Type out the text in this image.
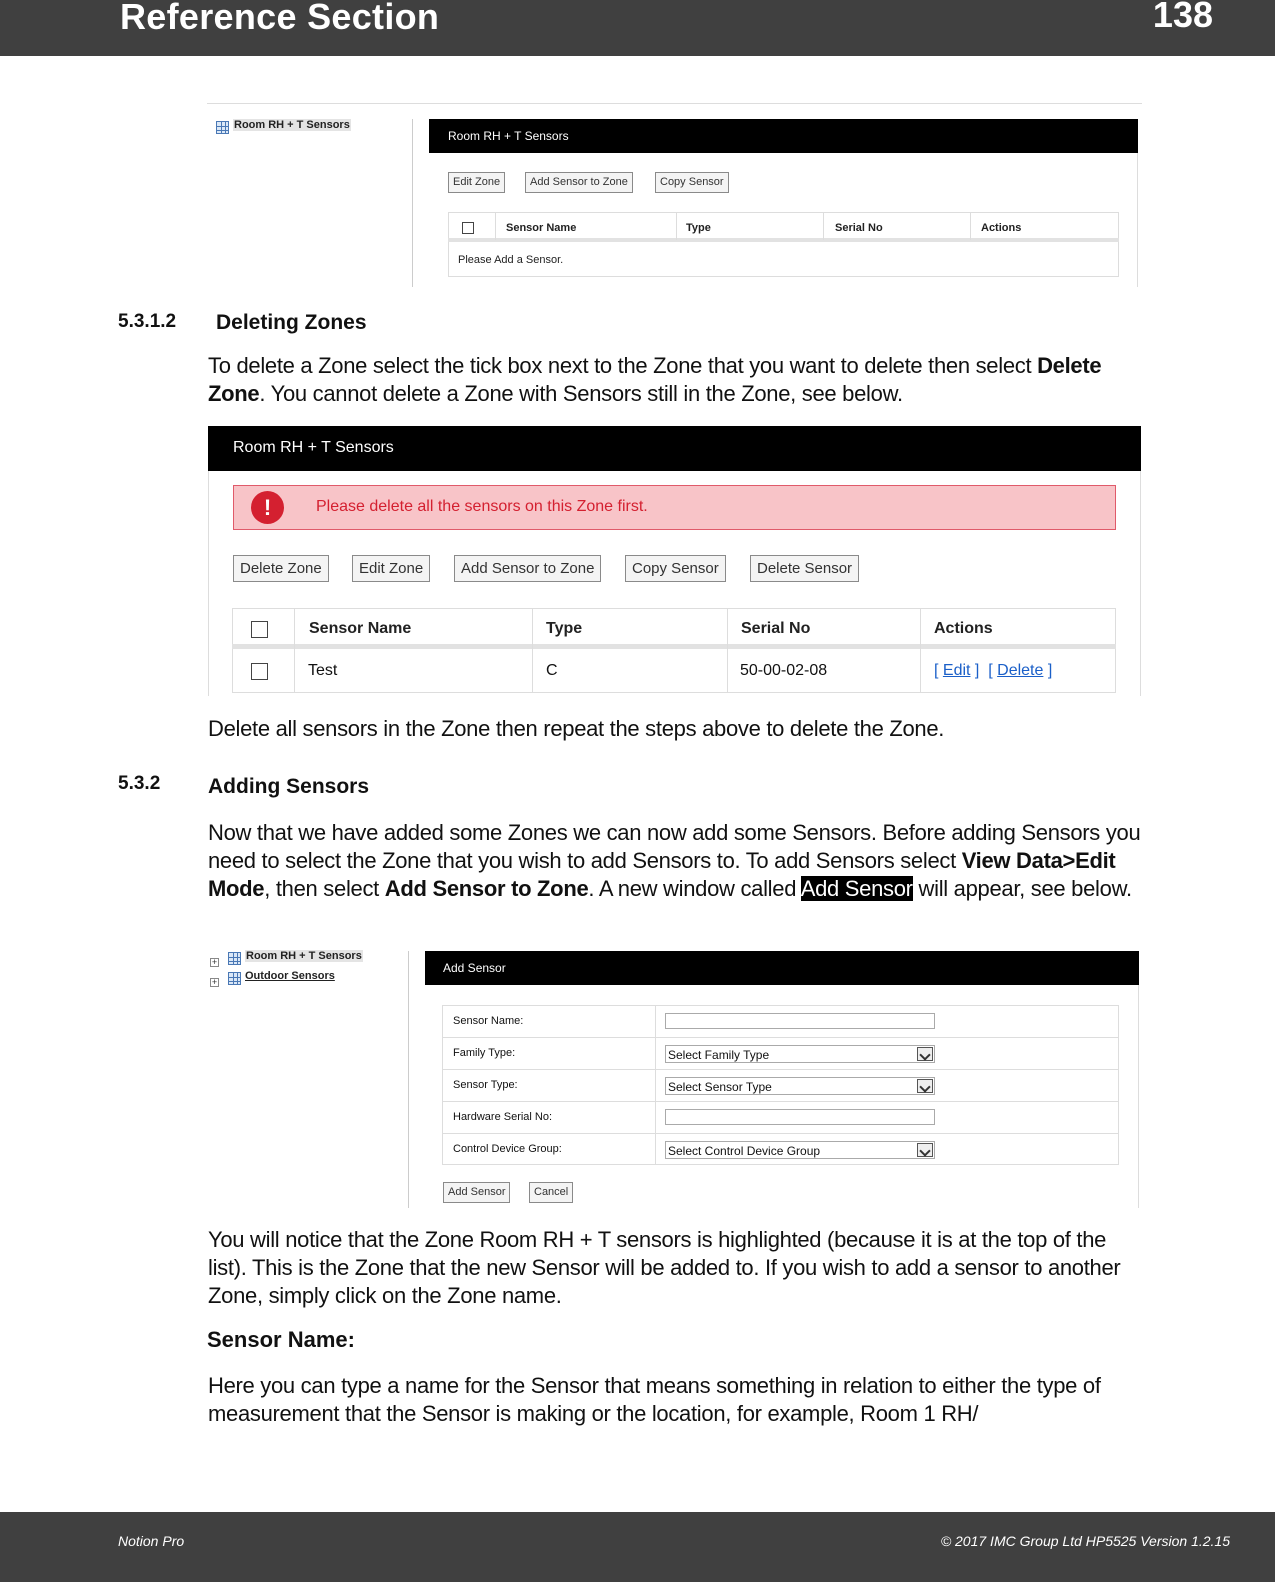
Reference Section	138
Room RH + T Sensors
Room RH + T Sensors
Edit Zone	Add Sensor to Zone	Copy Sensor
Sensor Name	Type	Serial No	Actions
Please Add a Sensor.
5.3.1.2 Deleting Zones
To delete a Zone select the tick box next to the Zone that you want to delete then select Delete Zone. You cannot delete a Zone with Sensors still in the Zone, see below.
Room RH + T Sensors
!	Please delete all the sensors on this Zone first.
Delete Zone	Edit Zone	Add Sensor to Zone	Copy Sensor	Delete Sensor
Sensor Name	Type	Serial No	Actions
Test	C	50-00-02-08	[ Edit ]  [ Delete ]
Delete all sensors in the Zone then repeat the steps above to delete the Zone.
5.3.2 Adding Sensors
Now that we have added some Zones we can now add some Sensors. Before adding Sensors you need to select the Zone that you wish to add Sensors to. To add Sensors select View Data>Edit Mode, then select Add Sensor to Zone. A new window called Add Sensor will appear, see below.
+	Room RH + T Sensors
+	Outdoor Sensors
Add Sensor
Sensor Name:
Family Type:	Select Family Type
Sensor Type:	Select Sensor Type
Hardware Serial No:
Control Device Group:	Select Control Device Group
Add Sensor	Cancel
You will notice that the Zone Room RH + T sensors is highlighted (because it is at the top of the list). This is the Zone that the new Sensor will be added to. If you wish to add a sensor to another Zone, simply click on the Zone name.
Sensor Name:
Here you can type a name for the Sensor that means something in relation to either the type of measurement that the Sensor is making or the location, for example, Room 1 RH/
Notion Pro	© 2017 IMC Group Ltd HP5525 Version 1.2.15
